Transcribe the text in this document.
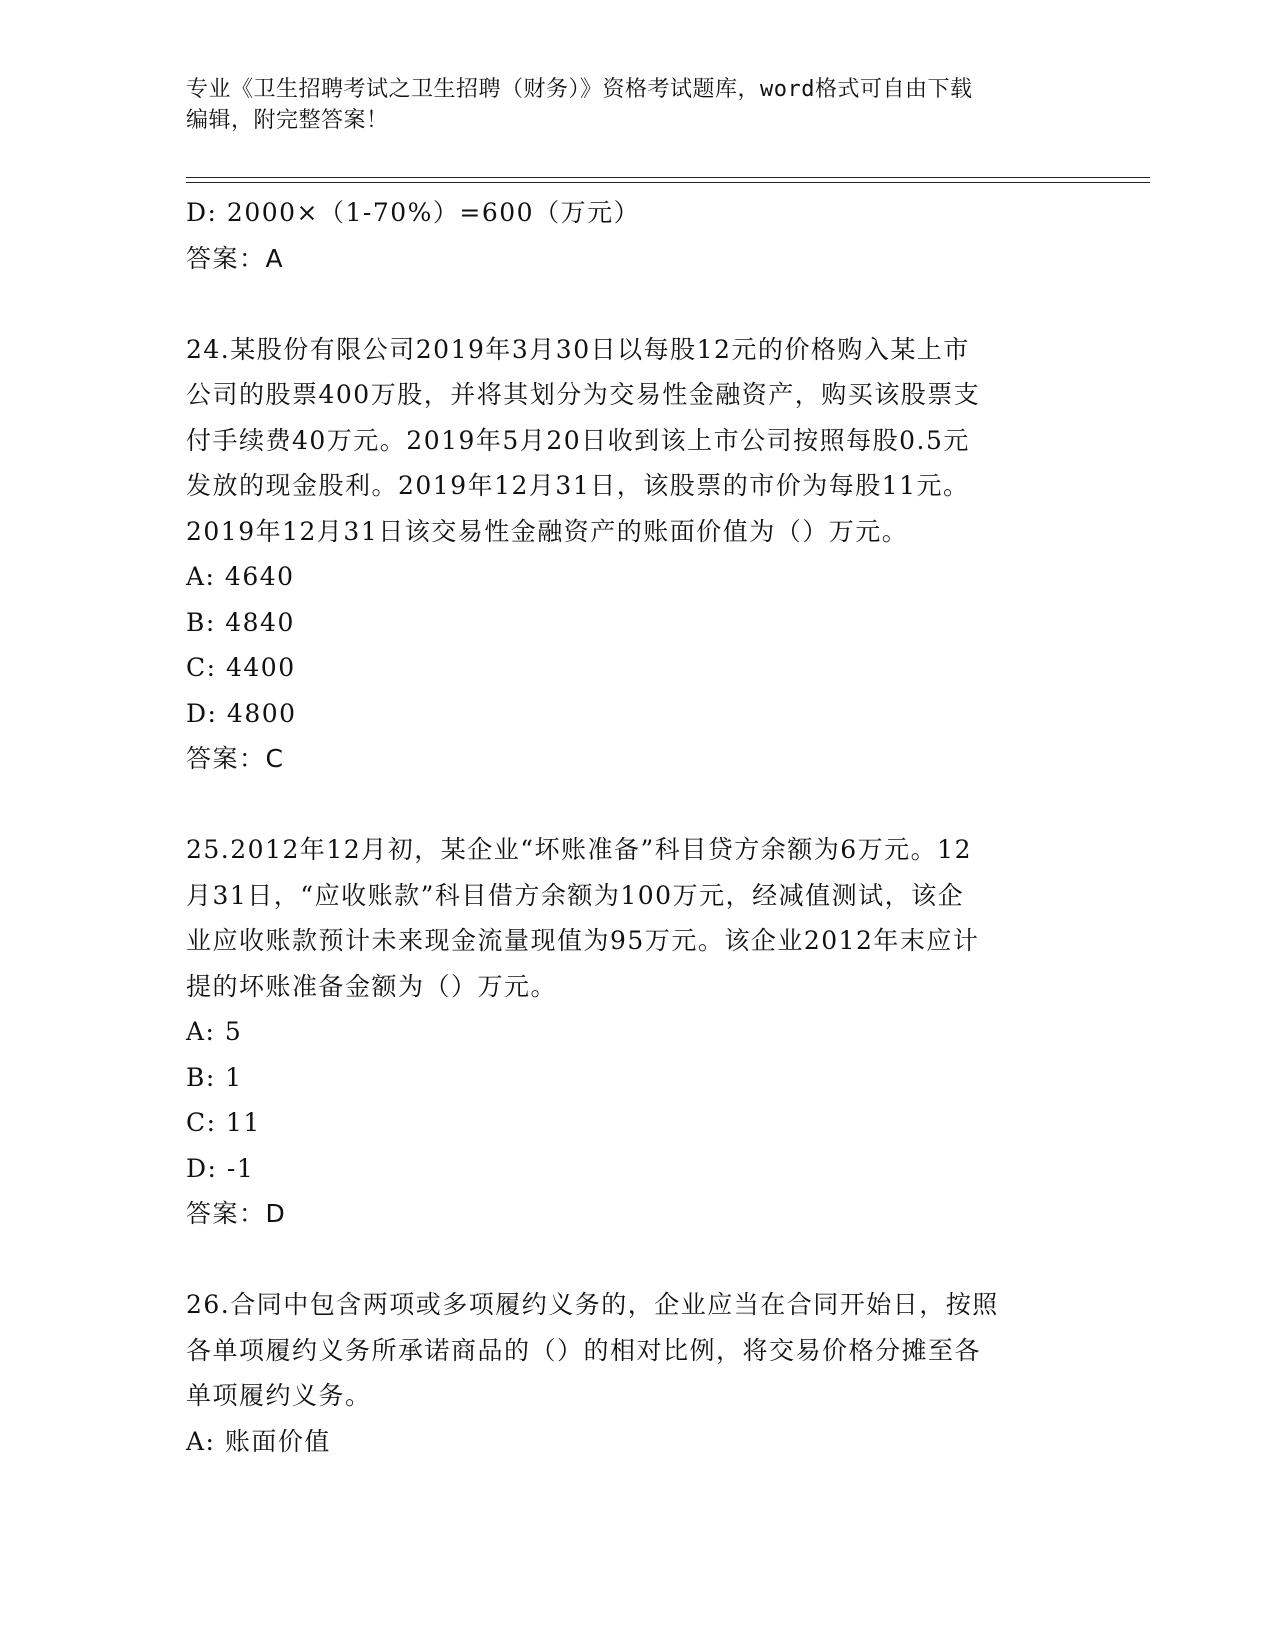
专业《卫生招聘考试之卫生招聘（财务）》资格考试题库，word格式可自由下载
编辑，附完整答案！
D: 2000×（1-70%）=600（万元）
答案：A
24.某股份有限公司2019年3月30日以每股12元的价格购入某上市
公司的股票400万股，并将其划分为交易性金融资产，购买该股票支
付手续费40万元。2019年5月20日收到该上市公司按照每股0.5元
发放的现金股利。2019年12月31日，该股票的市价为每股11元。
2019年12月31日该交易性金融资产的账面价值为（）万元。
A: 4640
B: 4840
C: 4400
D: 4800
答案：C
25.2012年12月初，某企业“坏账准备”科目贷方余额为6万元。12
月31日，“应收账款”科目借方余额为100万元，经减值测试，该企
业应收账款预计未来现金流量现值为95万元。该企业2012年末应计
提的坏账准备金额为（）万元。
A: 5
B: 1
C: 11
D: -1
答案：D
26.合同中包含两项或多项履约义务的，企业应当在合同开始日，按照
各单项履约义务所承诺商品的（）的相对比例，将交易价格分摊至各
单项履约义务。
A: 账面价值
